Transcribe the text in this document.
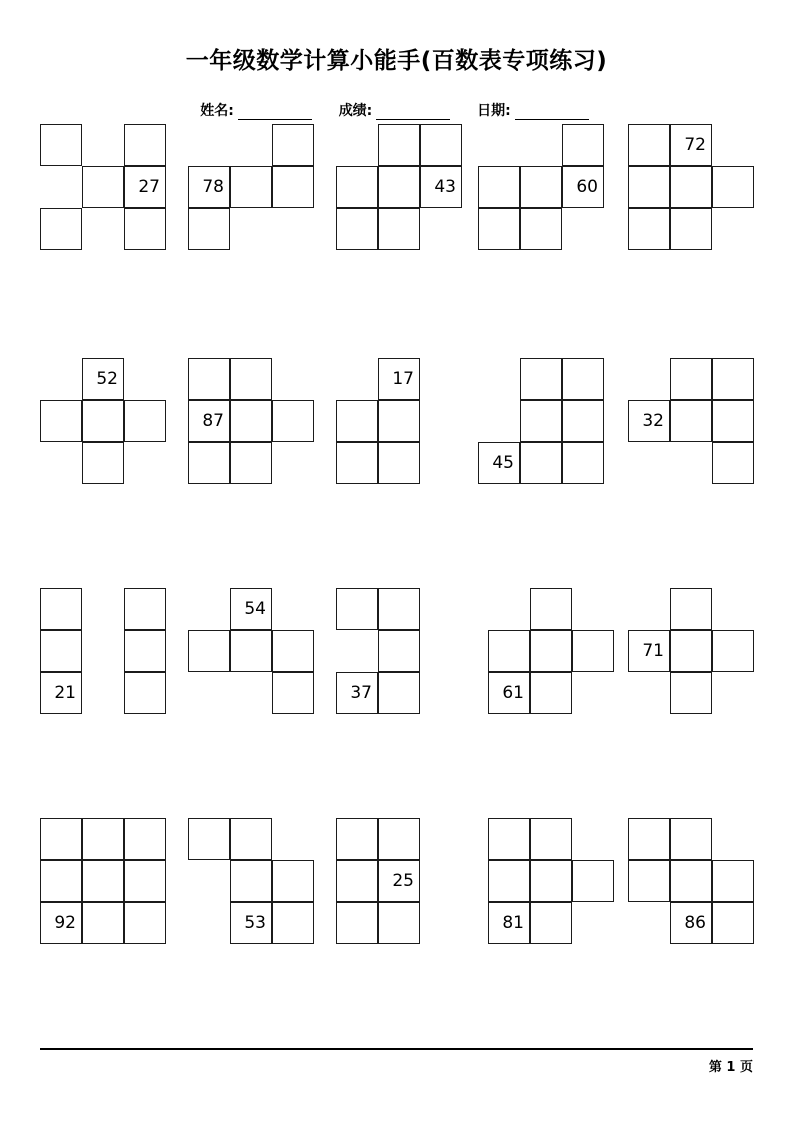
一年级数学计算小能手(百数表专项练习)
姓名:	成绩:	日期:
27	78	43	60
72
52
87
17
45
32
21
54
37	61
71
92	53
25
81	86
第 1 页
